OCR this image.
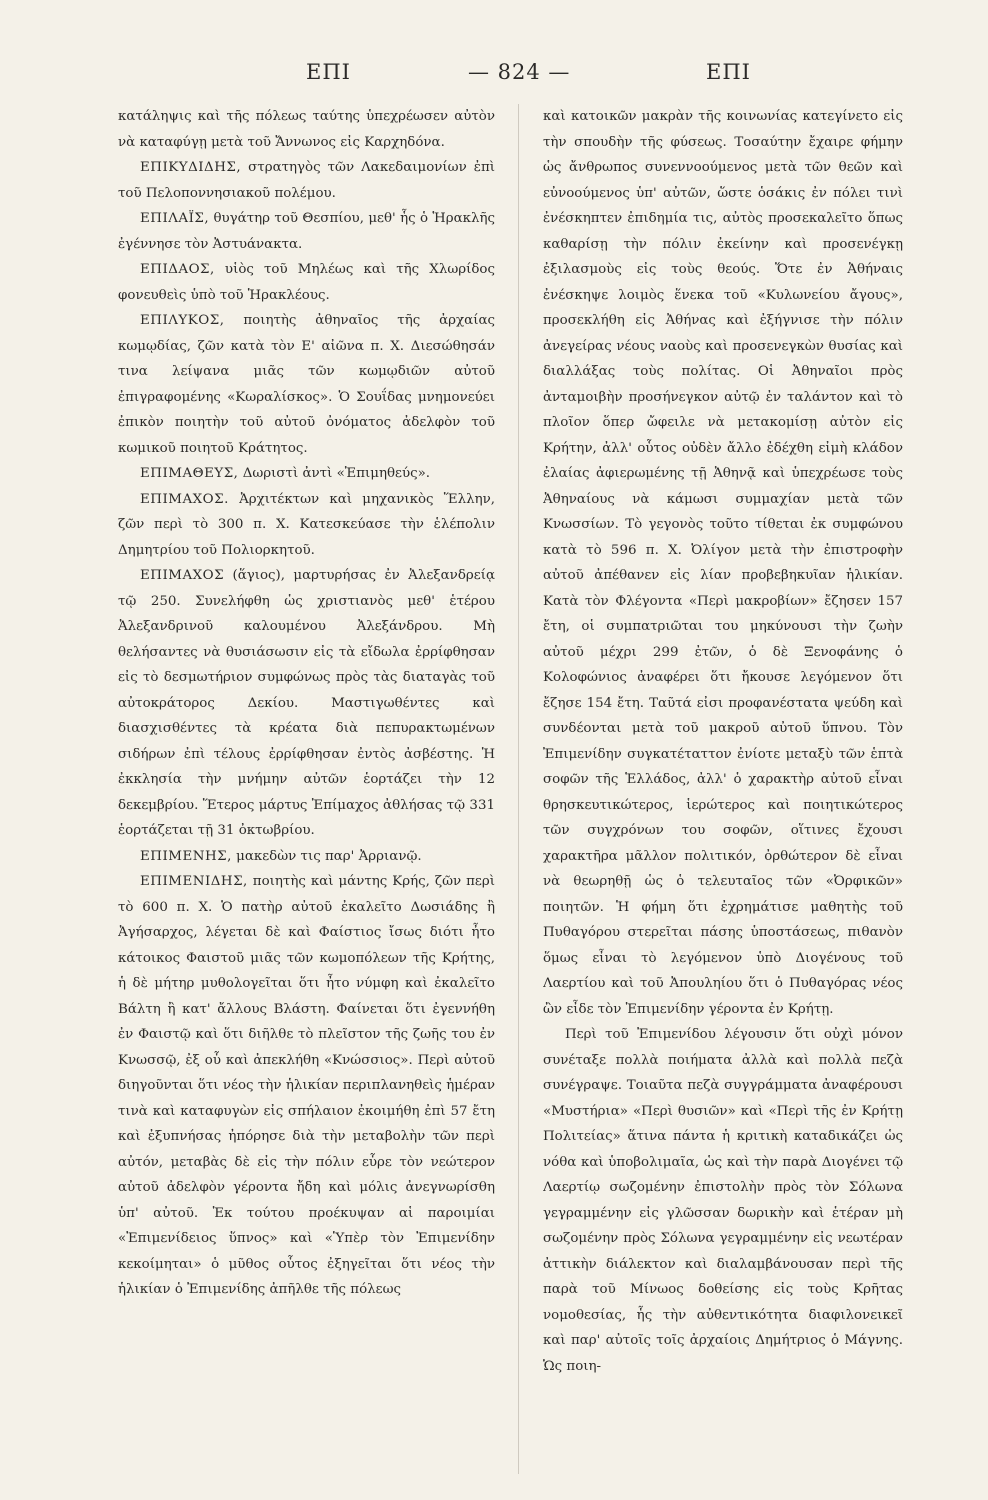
ΕΠΙ	— 824 —	ΕΠΙ

κατάληψις καὶ τῆς πόλεως ταύτης ὑπεχρέωσεν αὐτὸν νὰ καταφύγῃ μετὰ τοῦ Ἄννωνος εἰς Καρχηδόνα.

ΕΠΙΚΥΔΙΔΗΣ, στρατηγὸς τῶν Λακεδαιμονίων ἐπὶ τοῦ Πελοποννησιακοῦ πολέμου.

ΕΠΙΛΑΪΣ, θυγάτηρ τοῦ Θεσπίου, μεθ' ἧς ὁ Ἡρακλῆς ἐγέννησε τὸν Ἀστυάνακτα.

ΕΠΙΔΑΟΣ, υἱὸς τοῦ Μηλέως καὶ τῆς Χλωρίδος φονευθεὶς ὑπὸ τοῦ Ἡρακλέους.

ΕΠΙΛΥΚΟΣ, ποιητὴς ἀθηναῖος τῆς ἀρχαίας κωμῳδίας, ζῶν κατὰ τὸν Ε' αἰῶνα π. Χ. Διεσώθησάν τινα λείψανα μιᾶς τῶν κωμῳδιῶν αὐτοῦ ἐπιγραφομένης «Κωραλίσκος». Ὁ Σουΐδας μνημονεύει ἐπικὸν ποιητὴν τοῦ αὐτοῦ ὀνόματος ἀδελφὸν τοῦ κωμικοῦ ποιητοῦ Κράτητος.

ΕΠΙΜΑΘΕΥΣ, Δωριστὶ ἀντὶ «Ἐπιμηθεύς».

ΕΠΙΜΑΧΟΣ. Ἀρχιτέκτων καὶ μηχανικὸς Ἕλλην, ζῶν περὶ τὸ 300 π. Χ. Κατεσκεύασε τὴν ἑλέπολιν Δημητρίου τοῦ Πολιορκητοῦ.

ΕΠΙΜΑΧΟΣ (ἅγιος), μαρτυρήσας ἐν Ἀλεξανδρείᾳ τῷ 250. Συνελήφθη ὡς χριστιανὸς μεθ' ἑτέρου Ἀλεξανδρινοῦ καλουμένου Ἀλεξάνδρου. Μὴ θελήσαντες νὰ θυσιάσωσιν εἰς τὰ εἴδωλα ἐρρίφθησαν εἰς τὸ δεσμωτήριον συμφώνως πρὸς τὰς διαταγὰς τοῦ αὐτοκράτορος Δεκίου. Μαστιγωθέντες καὶ διασχισθέντες τὰ κρέατα διὰ πεπυρακτωμένων σιδήρων ἐπὶ τέλους ἐρρίφθησαν ἐντὸς ἀσβέστης. Ἡ ἐκκλησία τὴν μνήμην αὐτῶν ἑορτάζει τὴν 12 δεκεμβρίου. Ἕτερος μάρτυς Ἐπίμαχος ἀθλήσας τῷ 331 ἑορτάζεται τῇ 31 ὀκτωβρίου.

ΕΠΙΜΕΝΗΣ, μακεδὼν τις παρ' Ἀρριανῷ.

ΕΠΙΜΕΝΙΔΗΣ, ποιητὴς καὶ μάντης Κρής, ζῶν περὶ τὸ 600 π. Χ. Ὁ πατὴρ αὐτοῦ ἐκαλεῖτο Δωσιάδης ἢ Ἀγήσαρχος, λέγεται δὲ καὶ Φαίστιος ἴσως διότι ἦτο κάτοικος Φαιστοῦ μιᾶς τῶν κωμοπόλεων τῆς Κρήτης, ἡ δὲ μήτηρ μυθολογεῖται ὅτι ἦτο νύμφη καὶ ἐκαλεῖτο Βάλτη ἢ κατ' ἄλλους Βλάστη. Φαίνεται ὅτι ἐγεννήθη ἐν Φαιστῷ καὶ ὅτι διῆλθε τὸ πλεῖστον τῆς ζωῆς του ἐν Κνωσσῷ, ἐξ οὗ καὶ ἀπεκλήθη «Κνώσσιος». Περὶ αὐτοῦ διηγοῦνται ὅτι νέος τὴν ἡλικίαν περιπλανηθεὶς ἡμέραν τινὰ καὶ καταφυγὼν εἰς σπήλαιον ἐκοιμήθη ἐπὶ 57 ἔτη καὶ ἐξυπνήσας ἠπόρησε διὰ τὴν μεταβολὴν τῶν περὶ αὐτόν, μεταβὰς δὲ εἰς τὴν πόλιν εὗρε τὸν νεώτερον αὐτοῦ ἀδελφὸν γέροντα ἤδη καὶ μόλις ἀνεγνωρίσθη ὑπ' αὐτοῦ. Ἐκ τούτου προέκυψαν αἱ παροιμίαι «Ἐπιμενίδειος ὕπνος» καὶ «Ὑπὲρ τὸν Ἐπιμενίδην κεκοίμηται» ὁ μῦθος οὗτος ἐξηγεῖται ὅτι νέος τὴν ἡλικίαν ὁ Ἐπιμενίδης ἀπῆλθε τῆς πόλεως

καὶ κατοικῶν μακρὰν τῆς κοινωνίας κατεγίνετο εἰς τὴν σπουδὴν τῆς φύσεως. Τοσαύτην ἔχαιρε φήμην ὡς ἄνθρωπος συνεννοούμενος μετὰ τῶν θεῶν καὶ εὐνοούμενος ὑπ' αὐτῶν, ὥστε ὁσάκις ἐν πόλει τινὶ ἐνέσκηπτεν ἐπιδημία τις, αὐτὸς προσεκαλεῖτο ὅπως καθαρίσῃ τὴν πόλιν ἐκείνην καὶ προσενέγκῃ ἐξιλασμοὺς εἰς τοὺς θεούς. Ὅτε ἐν Ἀθήναις ἐνέσκηψε λοιμὸς ἕνεκα τοῦ «Κυλωνείου ἄγους», προσεκλήθη εἰς Ἀθήνας καὶ ἐξήγνισε τὴν πόλιν ἀνεγείρας νέους ναοὺς καὶ προσενεγκὼν θυσίας καὶ διαλλάξας τοὺς πολίτας. Οἱ Ἀθηναῖοι πρὸς ἀνταμοιβὴν προσήνεγκον αὐτῷ ἐν ταλάντον καὶ τὸ πλοῖον ὅπερ ὤφειλε νὰ μετακομίσῃ αὐτὸν εἰς Κρήτην, ἀλλ' οὗτος οὐδὲν ἄλλο ἐδέχθη εἰμὴ κλάδον ἐλαίας ἀφιερωμένης τῇ Ἀθηνᾷ καὶ ὑπεχρέωσε τοὺς Ἀθηναίους νὰ κάμωσι συμμαχίαν μετὰ τῶν Κνωσσίων. Τὸ γεγονὸς τοῦτο τίθεται ἐκ συμφώνου κατὰ τὸ 596 π. Χ. Ὀλίγον μετὰ τὴν ἐπιστροφὴν αὐτοῦ ἀπέθανεν εἰς λίαν προβεβηκυῖαν ἡλικίαν. Κατὰ τὸν Φλέγοντα «Περὶ μακροβίων» ἔζησεν 157 ἔτη, οἱ συμπατριῶται του μηκύνουσι τὴν ζωὴν αὐτοῦ μέχρι 299 ἐτῶν, ὁ δὲ Ξενοφάνης ὁ Κολοφώνιος ἀναφέρει ὅτι ἤκουσε λεγόμενον ὅτι ἔζησε 154 ἔτη. Ταῦτά εἰσι προφανέστατα ψεύδη καὶ συνδέονται μετὰ τοῦ μακροῦ αὐτοῦ ὕπνου. Τὸν Ἐπιμενίδην συγκατέταττον ἐνίοτε μεταξὺ τῶν ἑπτὰ σοφῶν τῆς Ἑλλάδος, ἀλλ' ὁ χαρακτὴρ αὐτοῦ εἶναι θρησκευτικώτερος, ἱερώτερος καὶ ποιητικώτερος τῶν συγχρόνων του σοφῶν, οἵτινες ἔχουσι χαρακτῆρα μᾶλλον πολιτικόν, ὀρθώτερον δὲ εἶναι νὰ θεωρηθῇ ὡς ὁ τελευταῖος τῶν «Ὀρφικῶν» ποιητῶν. Ἡ φήμη ὅτι ἐχρημάτισε μαθητὴς τοῦ Πυθαγόρου στερεῖται πάσης ὑποστάσεως, πιθανὸν ὅμως εἶναι τὸ λεγόμενον ὑπὸ Διογένους τοῦ Λαερτίου καὶ τοῦ Ἀπουληίου ὅτι ὁ Πυθαγόρας νέος ὢν εἶδε τὸν Ἐπιμενίδην γέροντα ἐν Κρήτῃ.

Περὶ τοῦ Ἐπιμενίδου λέγουσιν ὅτι οὐχὶ μόνον συνέταξε πολλὰ ποιήματα ἀλλὰ καὶ πολλὰ πεζὰ συνέγραψε. Τοιαῦτα πεζὰ συγγράμματα ἀναφέρουσι «Μυστήρια» «Περὶ θυσιῶν» καὶ «Περὶ τῆς ἐν Κρήτῃ Πολιτείας» ἅτινα πάντα ἡ κριτικὴ καταδικάζει ὡς νόθα καὶ ὑποβολιμαῖα, ὡς καὶ τὴν παρὰ Διογένει τῷ Λαερτίῳ σωζομένην ἐπιστολὴν πρὸς τὸν Σόλωνα γεγραμμένην εἰς γλῶσσαν δωρικὴν καὶ ἑτέραν μὴ σωζομένην πρὸς Σόλωνα γεγραμμένην εἰς νεωτέραν ἀττικὴν διάλεκτον καὶ διαλαμβάνουσαν περὶ τῆς παρὰ τοῦ Μίνωος δοθείσης εἰς τοὺς Κρῆτας νομοθεσίας, ἧς τὴν αὐθεντικότητα διαφιλονεικεῖ καὶ παρ' αὐτοῖς τοῖς ἀρχαίοις Δημήτριος ὁ Μάγνης. Ὡς ποιη-
